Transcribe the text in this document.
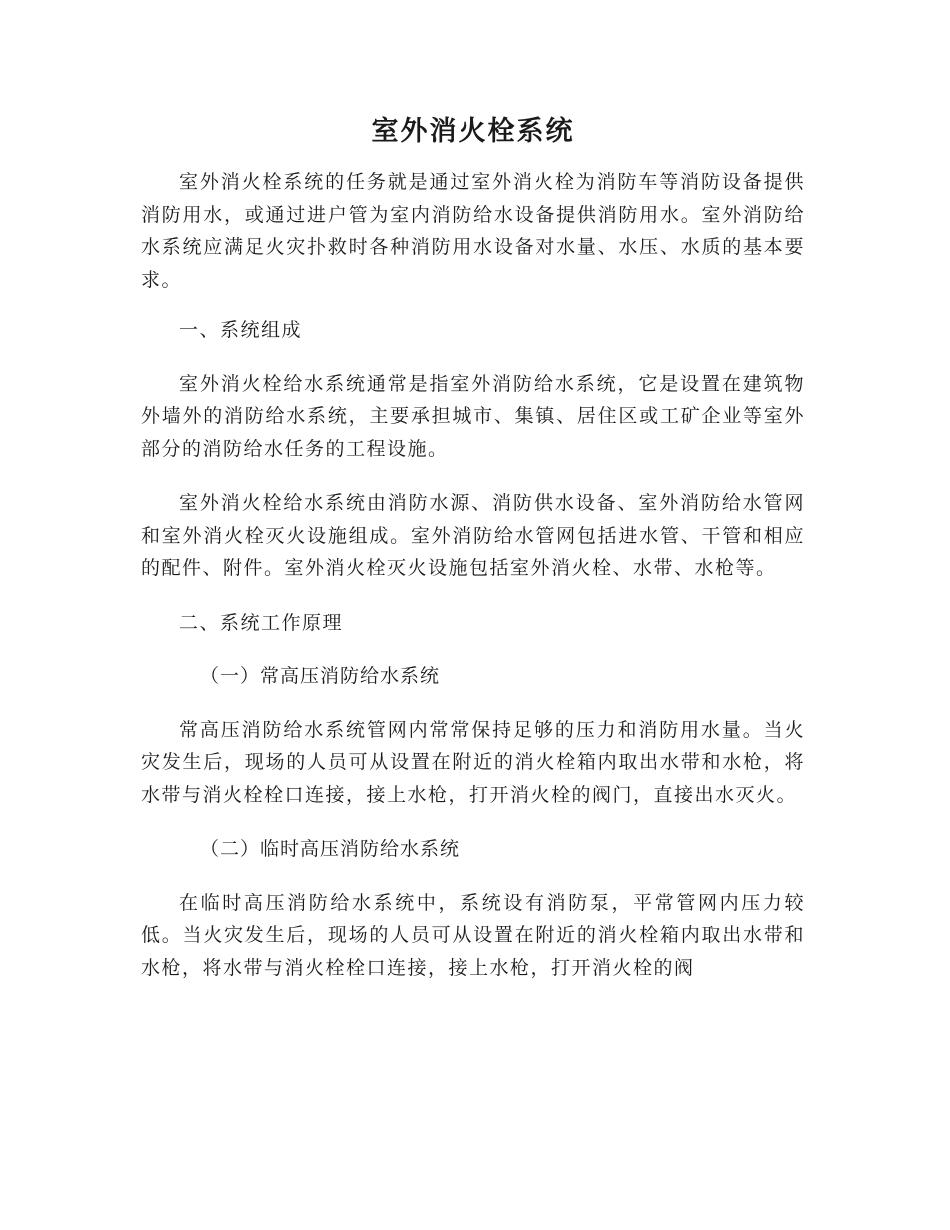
室外消火栓系统

室外消火栓系统的任务就是通过室外消火栓为消防车等消防设备提供消防用水，或通过进户管为室内消防给水设备提供消防用水。室外消防给水系统应满足火灾扑救时各种消防用水设备对水量、水压、水质的基本要求。

一、系统组成

室外消火栓给水系统通常是指室外消防给水系统，它是设置在建筑物外墙外的消防给水系统，主要承担城市、集镇、居住区或工矿企业等室外部分的消防给水任务的工程设施。

室外消火栓给水系统由消防水源、消防供水设备、室外消防给水管网和室外消火栓灭火设施组成。室外消防给水管网包括进水管、干管和相应的配件、附件。室外消火栓灭火设施包括室外消火栓、水带、水枪等。

二、系统工作原理

（一）常高压消防给水系统

常高压消防给水系统管网内常常保持足够的压力和消防用水量。当火灾发生后，现场的人员可从设置在附近的消火栓箱内取出水带和水枪，将水带与消火栓栓口连接，接上水枪，打开消火栓的阀门，直接出水灭火。

（二）临时高压消防给水系统

在临时高压消防给水系统中，系统设有消防泵，平常管网内压力较低。当火灾发生后，现场的人员可从设置在附近的消火栓箱内取出水带和水枪，将水带与消火栓栓口连接，接上水枪，打开消火栓的阀
